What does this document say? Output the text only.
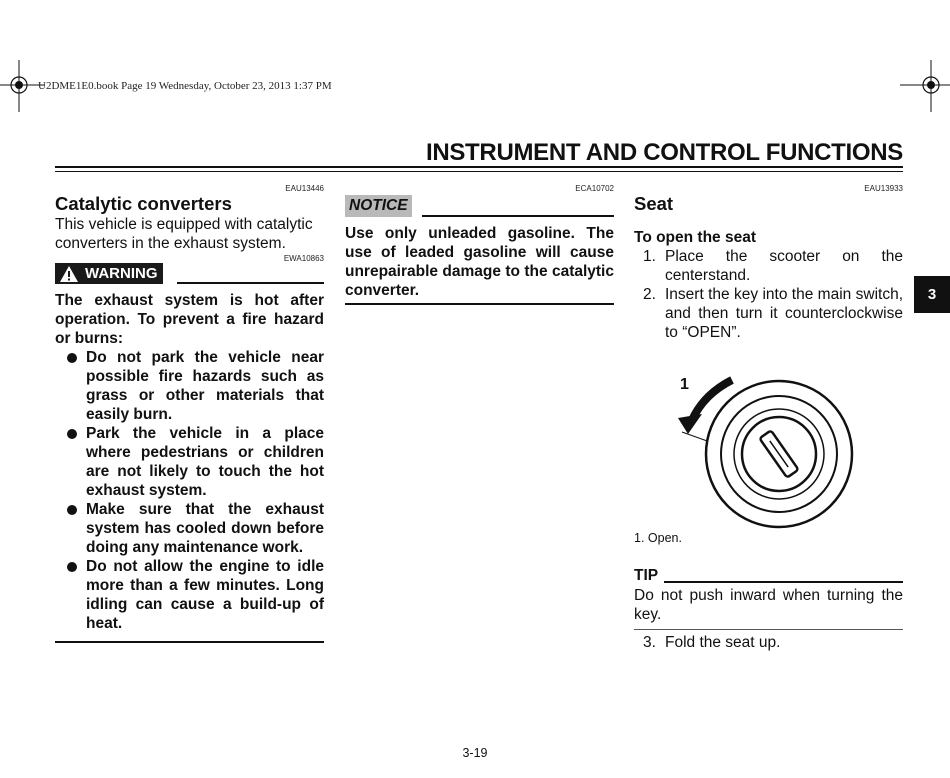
U2DME1E0.book Page 19 Wednesday, October 23, 2013 1:37 PM
INSTRUMENT AND CONTROL FUNCTIONS
EAU13446
Catalytic converters

This vehicle is equipped with catalytic converters in the exhaust system.

EWA10863
WARNING

The exhaust system is hot after operation. To prevent a fire hazard or burns:

Do not park the vehicle near possible fire hazards such as grass or other materials that easily burn.
Park the vehicle in a place where pedestrians or children are not likely to touch the hot exhaust system.
Make sure that the exhaust system has cooled down before doing any maintenance work.
Do not allow the engine to idle more than a few minutes. Long idling can cause a build-up of heat.
ECA10702
NOTICE

Use only unleaded gasoline. The use of leaded gasoline will cause unrepairable damage to the catalytic converter.

EAU13933
Seat
To open the seat
1. Place the scooter on the centerstand.
2. Insert the key into the main switch, and then turn it counterclockwise to “OPEN”.
1
1. Open.
TIP

Do not push inward when turning the key.

3. Fold the seat up.
3
3-19
